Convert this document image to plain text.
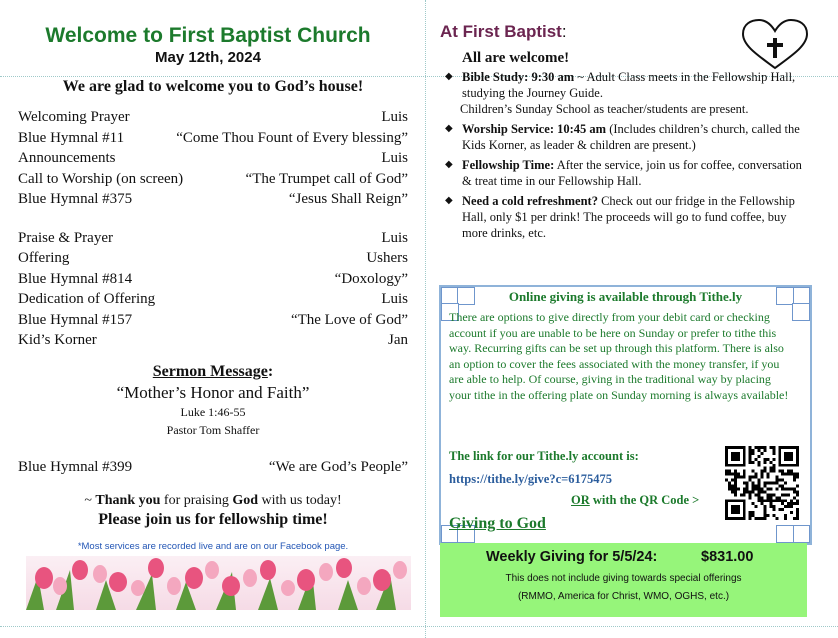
Welcome to First Baptist Church
May 12th, 2024
We are glad to welcome you to God’s house!
Welcoming Prayer	Luis
Blue Hymnal #11	“Come Thou Fount of Every blessing”
Announcements	Luis
Call to Worship (on screen)	“The Trumpet call of God”
Blue Hymnal #375	“Jesus Shall Reign”
Praise & Prayer	Luis
Offering	Ushers
Blue Hymnal #814	“Doxology”
Dedication of Offering	Luis
Blue Hymnal #157	“The Love of God”
Kid’s Korner	Jan
Sermon Message:
“Mother’s Honor and Faith”
Luke 1:46-55
Pastor Tom Shaffer
Blue Hymnal #399	“We are God’s People”
~ Thank you for praising God with us today!
Please join us for fellowship time!
*Most services are recorded live and are on our Facebook page.
At First Baptist:
All are welcome!
◆ Bible Study: 9:30 am ~ Adult Class meets in the Fellowship Hall, studying the Journey Guide.
Children’s Sunday School as teacher/students are present.
◆ Worship Service: 10:45 am (Includes children’s church, called the Kids Korner, as leader & children are present.)
◆ Fellowship Time: After the service, join us for coffee, conversation & treat time in our Fellowship Hall.
◆ Need a cold refreshment? Check out our fridge in the Fellowship Hall, only $1 per drink! The proceeds will go to fund coffee, buy more drinks, etc.
Online giving is available through Tithe.ly
There are options to give directly from your debit card or checking account if you are unable to be here on Sunday or prefer to tithe this way. Recurring gifts can be set up through this platform. There is also an option to cover the fees associated with the money transfer, if you are able to help. Of course, giving in the traditional way by placing your tithe in the offering plate on Sunday morning is always available!
The link for our Tithe.ly account is:
https://tithe.ly/give?c=6175475
OR with the QR Code >
Giving to God
Weekly Giving for 5/5/24:	$831.00
This does not include giving towards special offerings
(RMMO, America for Christ, WMO, OGHS, etc.)
